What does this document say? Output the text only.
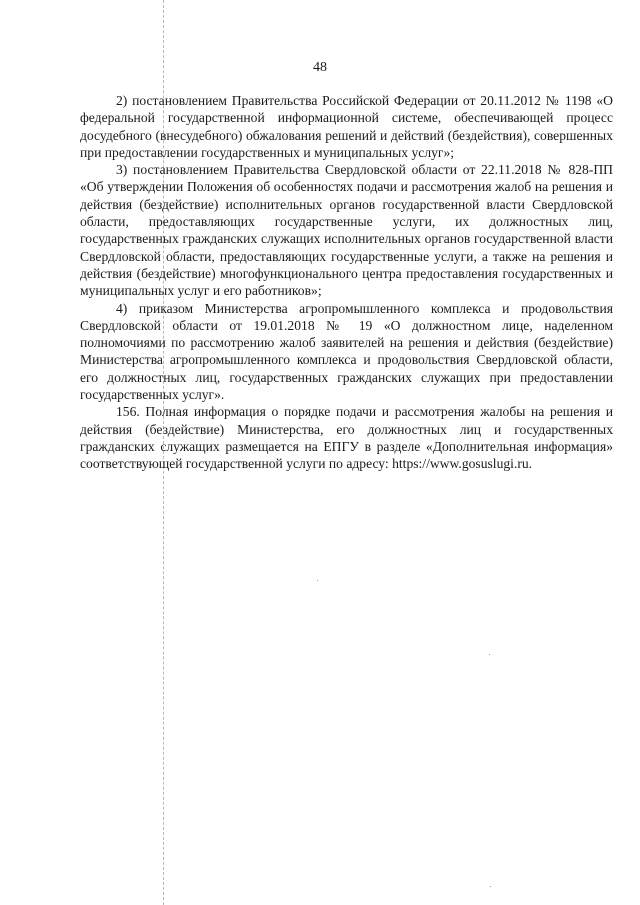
48

2) постановлением Правительства Российской Федерации от 20.11.2012 № 1198 «О федеральной государственной информационной системе, обеспечивающей процесс досудебного (внесудебного) обжалования решений и действий (бездействия), совершенных при предоставлении государственных и муниципальных услуг»;

3) постановлением Правительства Свердловской области от 22.11.2018 № 828-ПП «Об утверждении Положения об особенностях подачи и рассмотрения жалоб на решения и действия (бездействие) исполнительных органов государственной власти Свердловской области, предоставляющих государственные услуги, их должностных лиц, государственных гражданских служащих исполнительных органов государственной власти Свердловской области, предоставляющих государственные услуги, а также на решения и действия (бездействие) многофункционального центра предоставления государственных и муниципальных услуг и его работников»;

4) приказом Министерства агропромышленного комплекса и продовольствия Свердловской области от 19.01.2018 № 19 «О должностном лице, наделенном полномочиями по рассмотрению жалоб заявителей на решения и действия (бездействие) Министерства агропромышленного комплекса и продовольствия Свердловской области, его должностных лиц, государственных гражданских служащих при предоставлении государственных услуг».

156. Полная информация о порядке подачи и рассмотрения жалобы на решения и действия (бездействие) Министерства, его должностных лиц и государственных гражданских служащих размещается на ЕПГУ в разделе «Дополнительная информация» соответствующей государственной услуги по адресу: https://www.gosuslugi.ru.
